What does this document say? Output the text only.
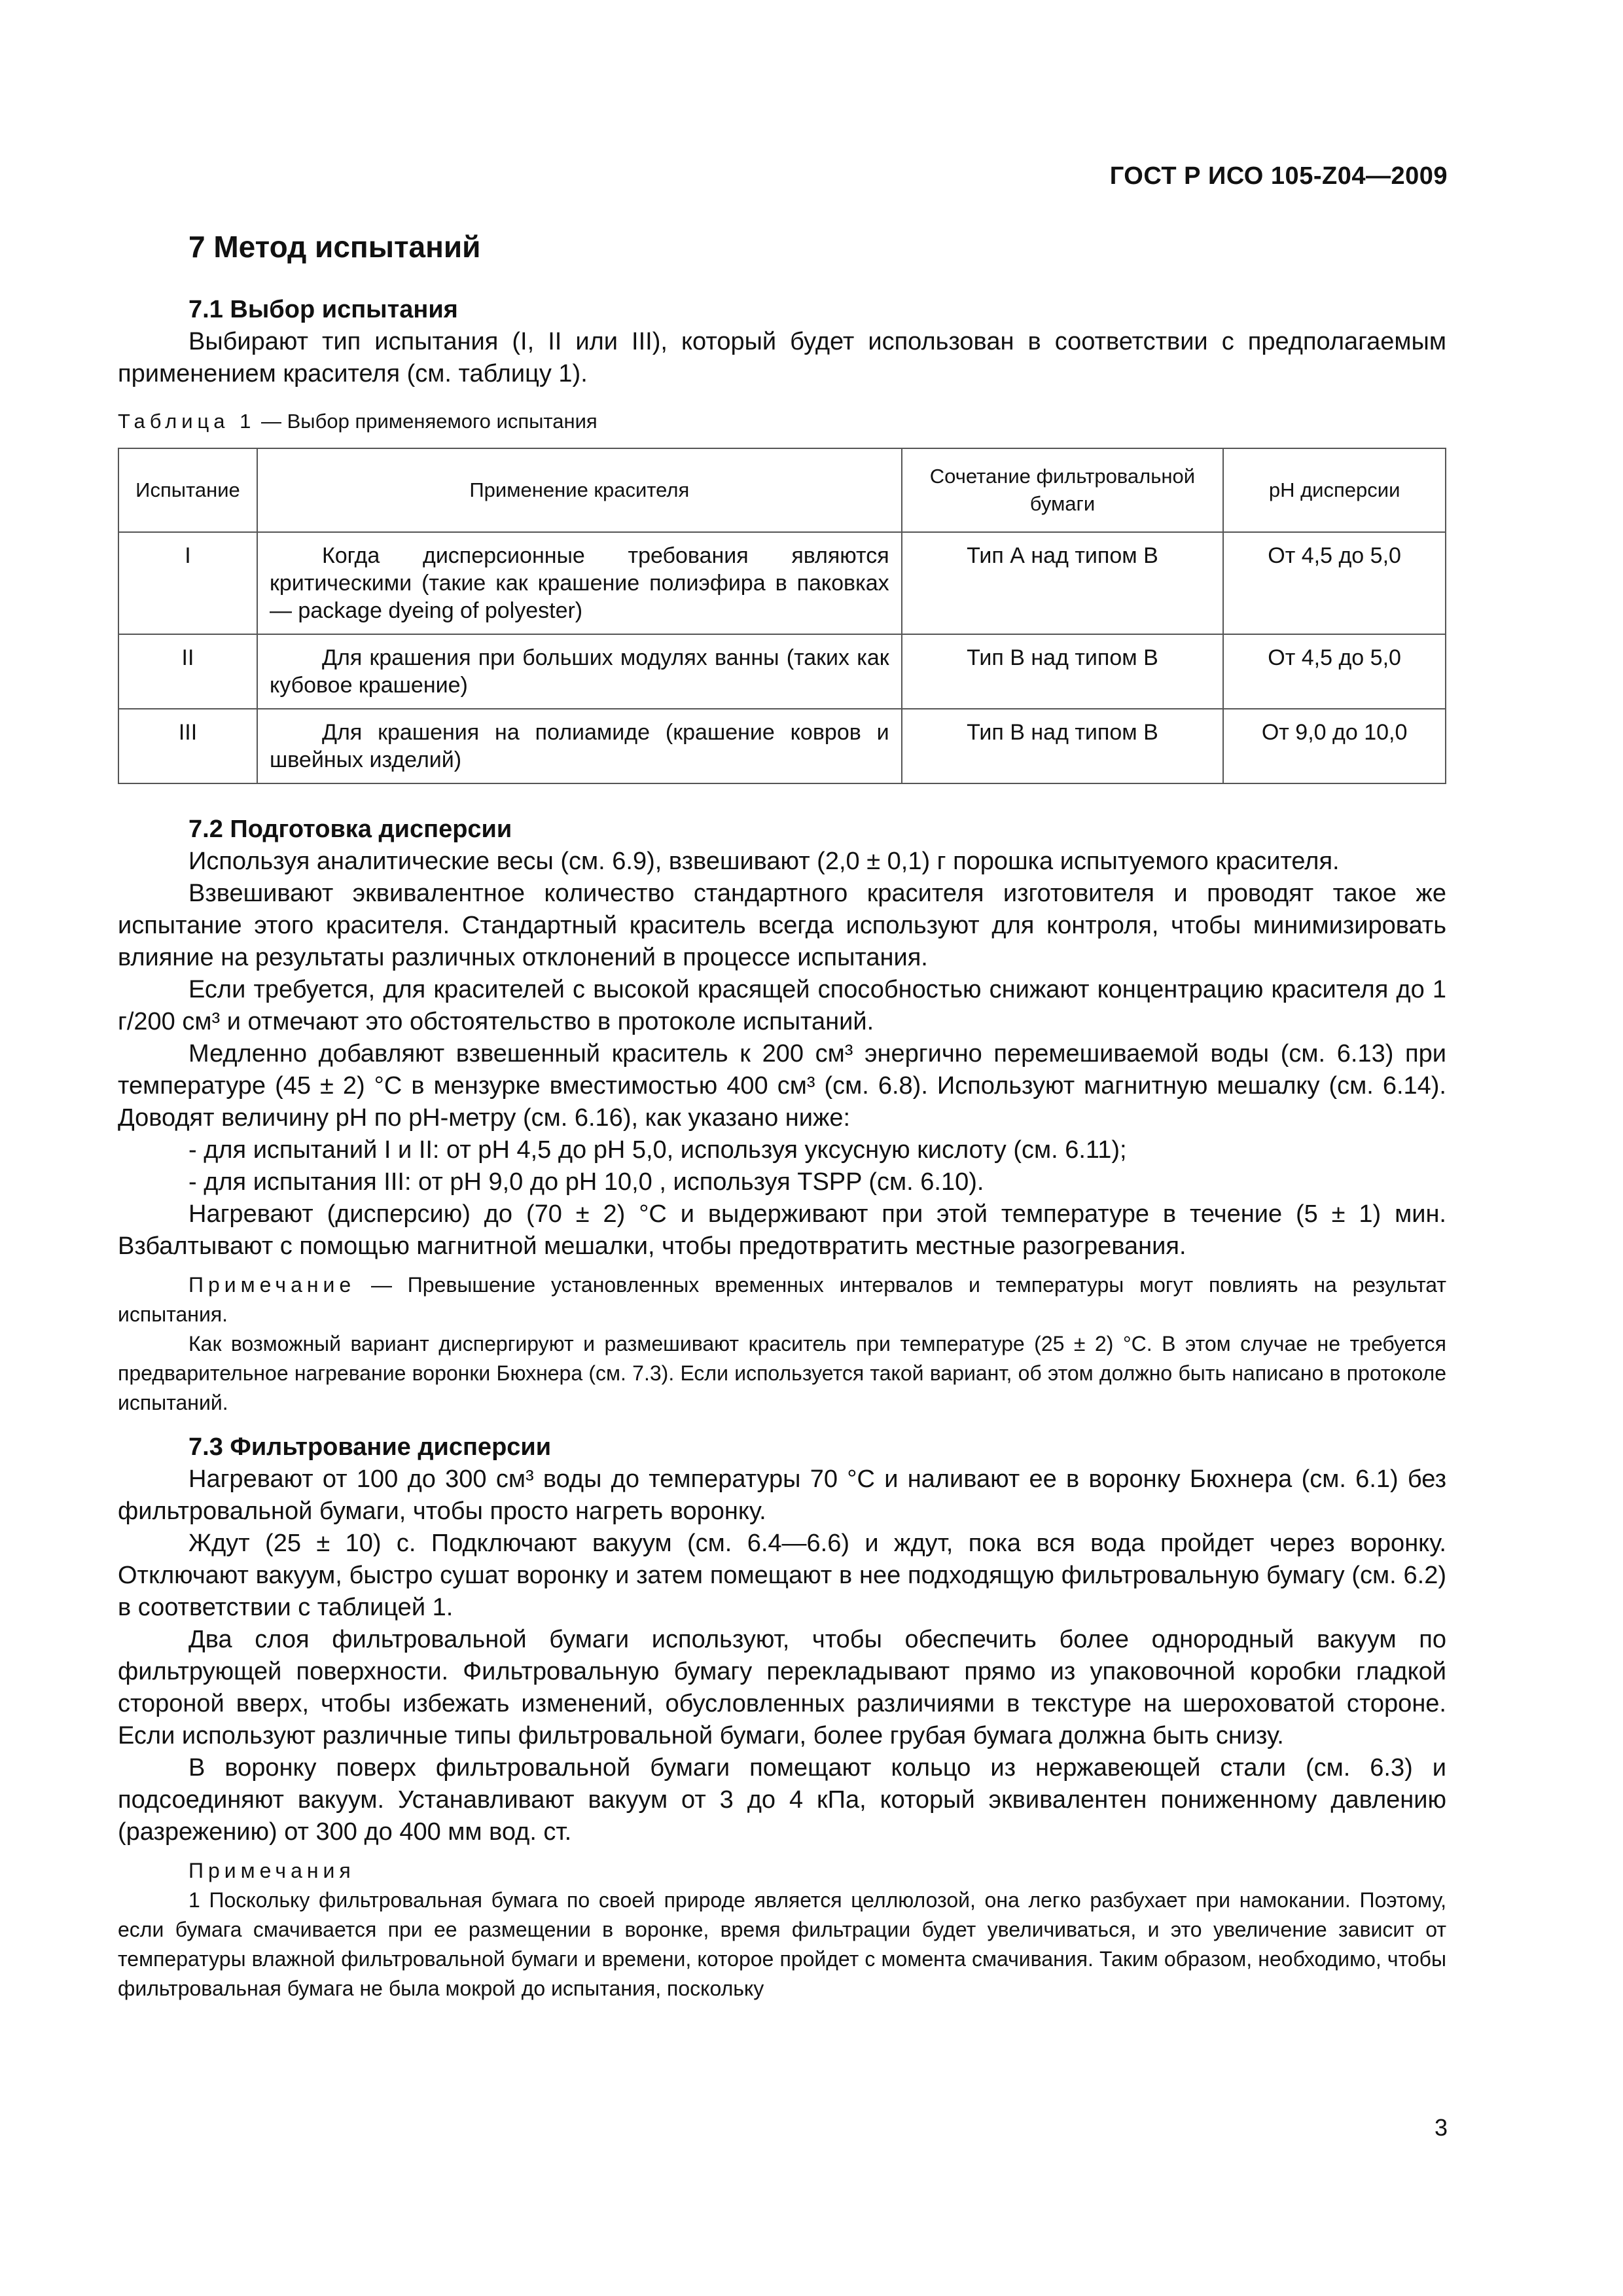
ГОСТ Р ИСО 105-Z04—2009
7 Метод испытаний
7.1 Выбор испытания

Выбирают тип испытания (I, II или III), который будет использован в соответствии с предполагаемым применением красителя (см. таблицу 1).

Таблица 1 — Выбор применяемого испытания
Испытание	Применение красителя	Сочетание фильтровальной бумаги	pH дисперсии
I	Когда дисперсионные требования являются критическими (такие как крашение полиэфира в паковках — package dyeing of polyester)	Тип А над типом В	От 4,5 до 5,0
II	Для крашения при больших модулях ванны (таких как кубовое крашение)	Тип В над типом В	От 4,5 до 5,0
III	Для крашения на полиамиде (крашение ковров и швейных изделий)	Тип В над типом В	От 9,0 до 10,0
7.2 Подготовка дисперсии

Используя аналитические весы (см. 6.9), взвешивают (2,0 ± 0,1) г порошка испытуемого красителя.

Взвешивают эквивалентное количество стандартного красителя изготовителя и проводят такое же испытание этого красителя. Стандартный краситель всегда используют для контроля, чтобы минимизировать влияние на результаты различных отклонений в процессе испытания.

Если требуется, для красителей с высокой красящей способностью снижают концентрацию красителя до 1 г/200 см³ и отмечают это обстоятельство в протоколе испытаний.

Медленно добавляют взвешенный краситель к 200 см³ энергично перемешиваемой воды (см. 6.13) при температуре (45 ± 2) °С в мензурке вместимостью 400 см³ (см. 6.8). Используют магнитную мешалку (см. 6.14). Доводят величину pH по pH-метру (см. 6.16), как указано ниже:

- для испытаний I и II: от pH 4,5 до pH 5,0, используя уксусную кислоту (см. 6.11);

- для испытания III: от pH 9,0 до pH 10,0 , используя TSPP (см. 6.10).

Нагревают (дисперсию) до (70 ± 2) °С и выдерживают при этой температуре в течение (5 ± 1) мин. Взбалтывают с помощью магнитной мешалки, чтобы предотвратить местные разогревания.

Примечание — Превышение установленных временных интервалов и температуры могут повлиять на результат испытания.

Как возможный вариант диспергируют и размешивают краситель при температуре (25 ± 2) °С. В этом случае не требуется предварительное нагревание воронки Бюхнера (см. 7.3). Если используется такой вариант, об этом должно быть написано в протоколе испытаний.

7.3 Фильтрование дисперсии

Нагревают от 100 до 300 см³ воды до температуры 70 °С и наливают ее в воронку Бюхнера (см. 6.1) без фильтровальной бумаги, чтобы просто нагреть воронку.

Ждут (25 ± 10) с. Подключают вакуум (см. 6.4—6.6) и ждут, пока вся вода пройдет через воронку. Отключают вакуум, быстро сушат воронку и затем помещают в нее подходящую фильтровальную бумагу (см. 6.2) в соответствии с таблицей 1.

Два слоя фильтровальной бумаги используют, чтобы обеспечить более однородный вакуум по фильтрующей поверхности. Фильтровальную бумагу перекладывают прямо из упаковочной коробки гладкой стороной вверх, чтобы избежать изменений, обусловленных различиями в текстуре на шероховатой стороне. Если используют различные типы фильтровальной бумаги, более грубая бумага должна быть снизу.

В воронку поверх фильтровальной бумаги помещают кольцо из нержавеющей стали (см. 6.3) и подсоединяют вакуум. Устанавливают вакуум от 3 до 4 кПа, который эквивалентен пониженному давлению (разрежению) от 300 до 400 мм вод. ст.

Примечания

1 Поскольку фильтровальная бумага по своей природе является целлюлозой, она легко разбухает при намокании. Поэтому, если бумага смачивается при ее размещении в воронке, время фильтрации будет увеличиваться, и это увеличение зависит от температуры влажной фильтровальной бумаги и времени, которое пройдет с момента смачивания. Таким образом, необходимо, чтобы фильтровальная бумага не была мокрой до испытания, поскольку

3
